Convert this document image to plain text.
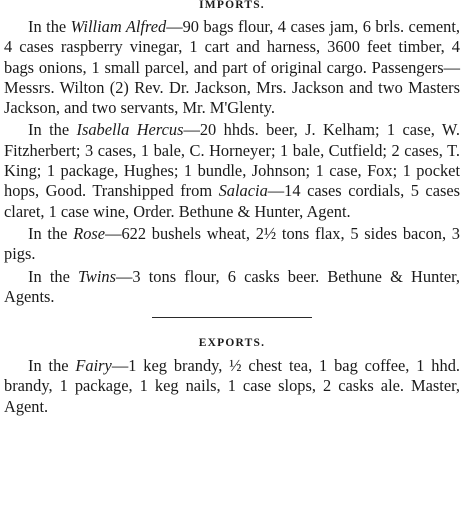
IMPORTS.

In the William Alfred—90 bags flour, 4 cases jam, 6 brls. cement, 4 cases raspberry vinegar, 1 cart and harness, 3600 feet timber, 4 bags onions, 1 small parcel, and part of original cargo. Passengers—Messrs. Wilton (2) Rev. Dr. Jackson, Mrs. Jackson and two Masters Jackson, and two servants, Mr. M'Glenty.

In the Isabella Hercus—20 hhds. beer, J. Kelham; 1 case, W. Fitzherbert; 3 cases, 1 bale, C. Horneyer; 1 bale, Cutfield; 2 cases, T. King; 1 package, Hughes; 1 bundle, Johnson; 1 case, Fox; 1 pocket hops, Good. Transhipped from Salacia—14 cases cordials, 5 cases claret, 1 case wine, Order. Bethune & Hunter, Agent.

In the Rose—622 bushels wheat, 2½ tons flax, 5 sides bacon, 3 pigs.

In the Twins—3 tons flour, 6 casks beer. Bethune & Hunter, Agents.

EXPORTS.

In the Fairy—1 keg brandy, ½ chest tea, 1 bag coffee, 1 hhd. brandy, 1 package, 1 keg nails, 1 case slops, 2 casks ale. Master, Agent.
